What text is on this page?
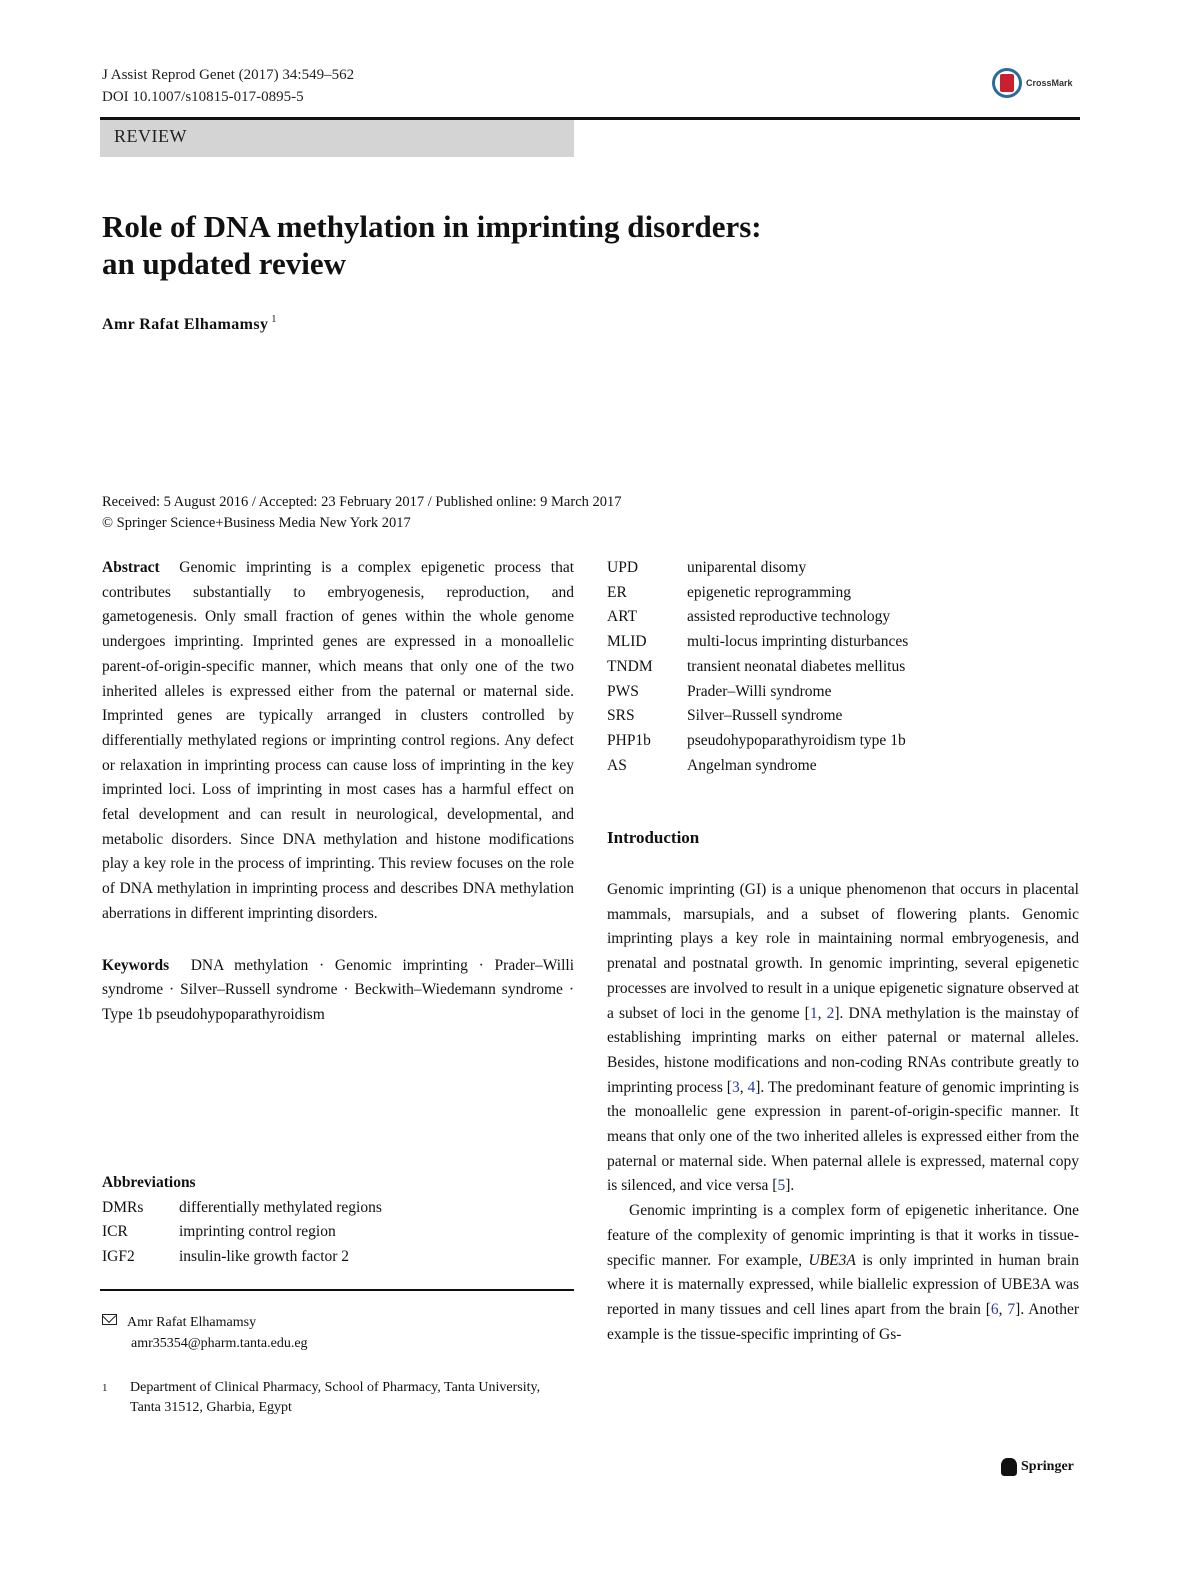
J Assist Reprod Genet (2017) 34:549–562
DOI 10.1007/s10815-017-0895-5
CrossMark
REVIEW
Role of DNA methylation in imprinting disorders:
an updated review
Amr Rafat Elhamamsy $^1$
Received: 5 August 2016 / Accepted: 23 February 2017 / Published online: 9 March 2017
© Springer Science+Business Media New York 2017

Abstract Genomic imprinting is a complex epigenetic process that contributes substantially to embryogenesis, reproduction, and gametogenesis. Only small fraction of genes within the whole genome undergoes imprinting. Imprinted genes are expressed in a monoallelic parent-of-origin-specific manner, which means that only one of the two inherited alleles is expressed either from the paternal or maternal side. Imprinted genes are typically arranged in clusters controlled by differentially methylated regions or imprinting control regions. Any defect or relaxation in imprinting process can cause loss of imprinting in the key imprinted loci. Loss of imprinting in most cases has a harmful effect on fetal development and can result in neurological, developmental, and metabolic disorders. Since DNA methylation and histone modifications play a key role in the process of imprinting. This review focuses on the role of DNA methylation in imprinting process and describes DNA methylation aberrations in different imprinting disorders.

Keywords DNA methylation · Genomic imprinting · Prader–Willi syndrome · Silver–Russell syndrome · Beckwith–Wiedemann syndrome · Type 1b pseudohypoparathyroidism

Abbreviations
DMRs	differentially methylated regions
ICR	imprinting control region
IGF2	insulin-like growth factor 2
Amr Rafat Elhamamsy
amr35354@pharm.tanta.edu.eg
1 Department of Clinical Pharmacy, School of Pharmacy, Tanta University, Tanta 31512, Gharbia, Egypt
UPD	uniparental disomy
ER	epigenetic reprogramming
ART	assisted reproductive technology
MLID	multi-locus imprinting disturbances
TNDM	transient neonatal diabetes mellitus
PWS	Prader–Willi syndrome
SRS	Silver–Russell syndrome
PHP1b	pseudohypoparathyroidism type 1b
AS	Angelman syndrome
Introduction

Genomic imprinting (GI) is a unique phenomenon that occurs in placental mammals, marsupials, and a subset of flowering plants. Genomic imprinting plays a key role in maintaining normal embryogenesis, and prenatal and postnatal growth. In genomic imprinting, several epigenetic processes are involved to result in a unique epigenetic signature observed at a subset of loci in the genome [1, 2]. DNA methylation is the mainstay of establishing imprinting marks on either paternal or maternal alleles. Besides, histone modifications and non-coding RNAs contribute greatly to imprinting process [3, 4]. The predominant feature of genomic imprinting is the monoallelic gene expression in parent-of-origin-specific manner. It means that only one of the two inherited alleles is expressed either from the paternal or maternal side. When paternal allele is expressed, maternal copy is silenced, and vice versa [5].

Genomic imprinting is a complex form of epigenetic inheritance. One feature of the complexity of genomic imprinting is that it works in tissue-specific manner. For example, UBE3A is only imprinted in human brain where it is maternally expressed, while biallelic expression of UBE3A was reported in many tissues and cell lines apart from the brain [6, 7]. Another example is the tissue-specific imprinting of Gs-

Springer
